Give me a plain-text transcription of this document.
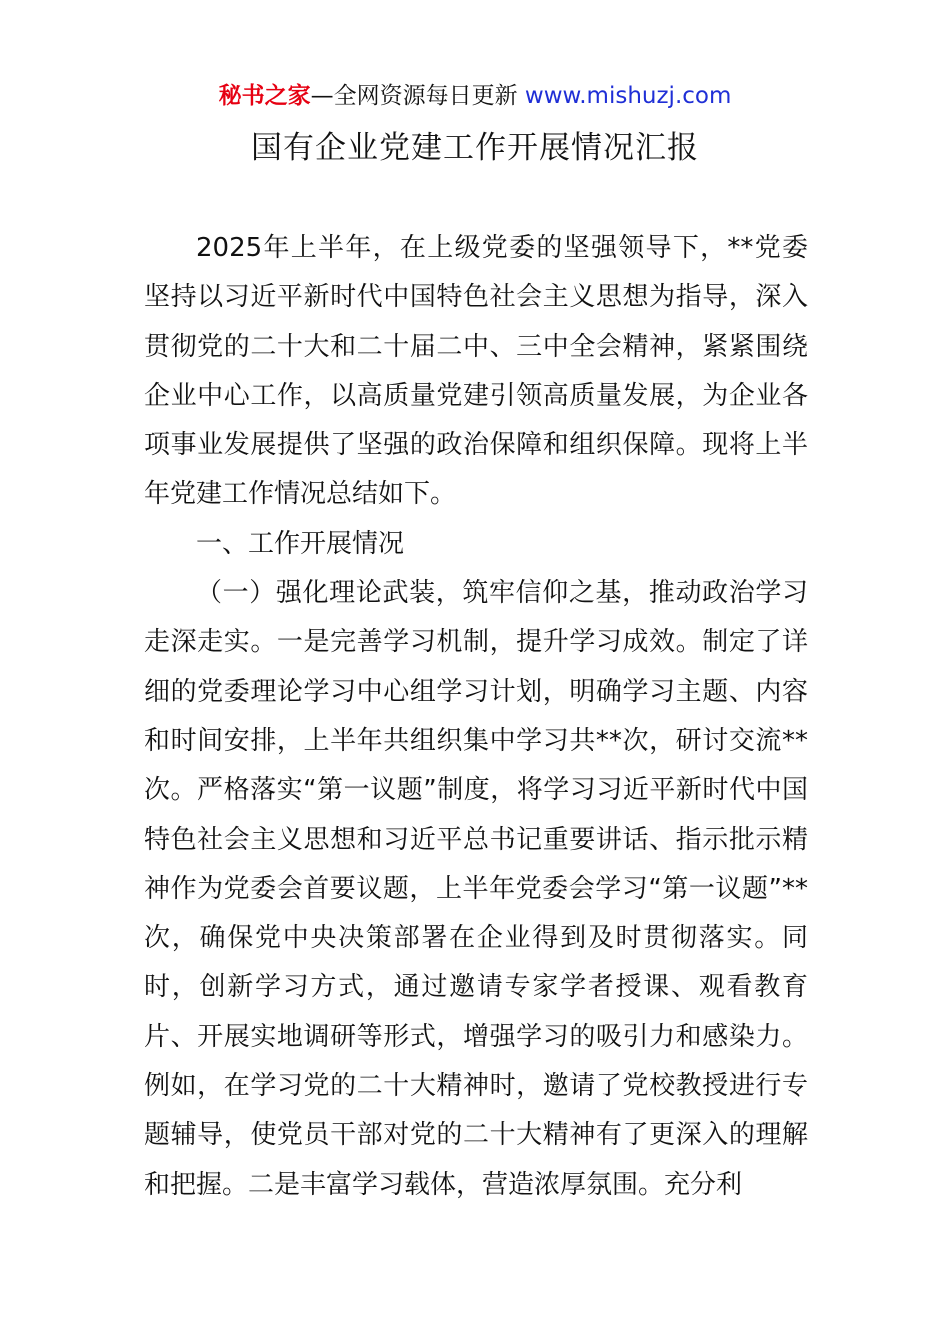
秘书之家—全网资源每日更新 www.mishuzj.com
国有企业党建工作开展情况汇报

2025年上半年，在上级党委的坚强领导下，**党委坚持以习近平新时代中国特色社会主义思想为指导，深入贯彻党的二十大和二十届二中、三中全会精神，紧紧围绕企业中心工作，以高质量党建引领高质量发展，为企业各项事业发展提供了坚强的政治保障和组织保障。现将上半年党建工作情况总结如下。

一、工作开展情况

（一）强化理论武装，筑牢信仰之基，推动政治学习走深走实。一是完善学习机制，提升学习成效。制定了详细的党委理论学习中心组学习计划，明确学习主题、内容和时间安排，上半年共组织集中学习共**次，研讨交流**次。严格落实“第一议题”制度，将学习习近平新时代中国特色社会主义思想和习近平总书记重要讲话、指示批示精神作为党委会首要议题，上半年党委会学习“第一议题”**次，确保党中央决策部署在企业得到及时贯彻落实。同时，创新学习方式，通过邀请专家学者授课、观看教育片、开展实地调研等形式，增强学习的吸引力和感染力。例如，在学习党的二十大精神时，邀请了党校教授进行专题辅导，使党员干部对党的二十大精神有了更深入的理解和把握。二是丰富学习载体，营造浓厚氛围。充分利
